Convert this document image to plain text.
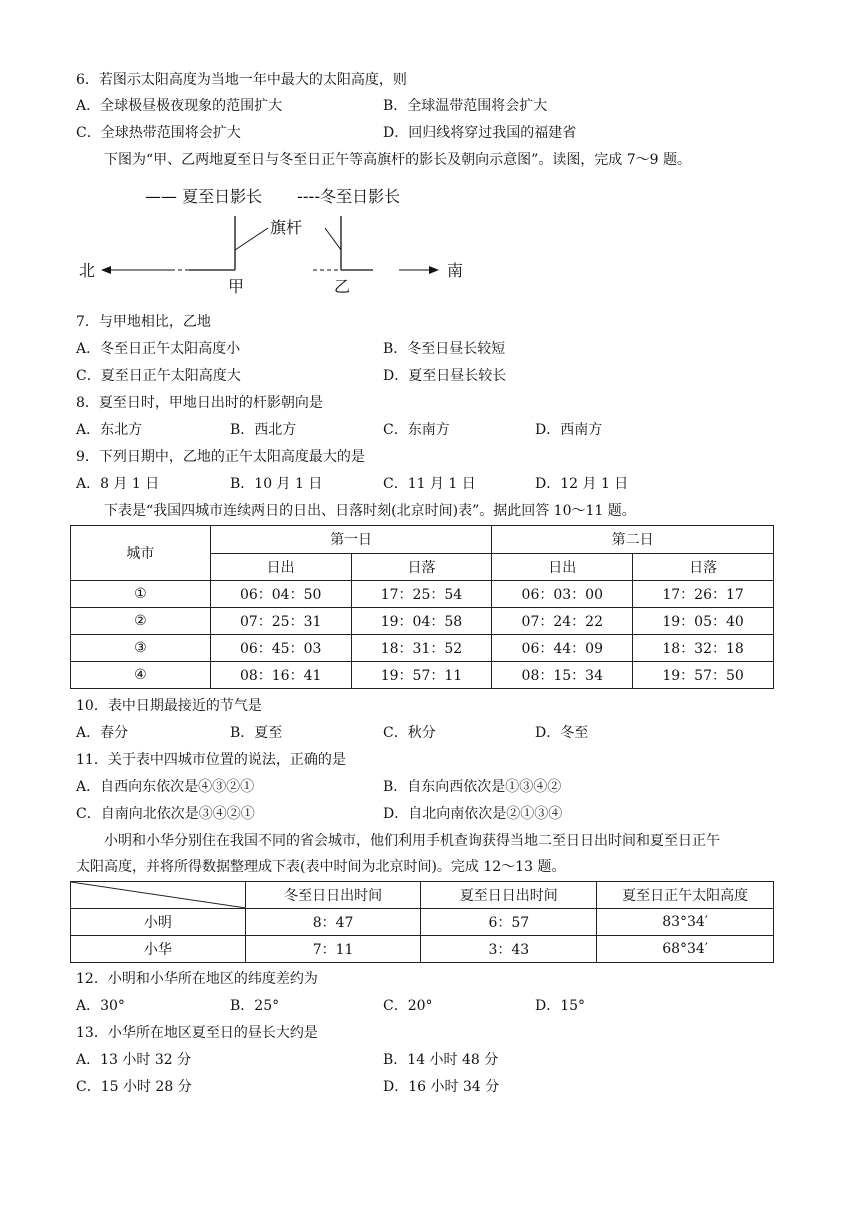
6．若图示太阳高度为当地一年中最大的太阳高度，则
A．全球极昼极夜现象的范围扩大	B．全球温带范围将会扩大
C．全球热带范围将会扩大	D．回归线将穿过我国的福建省
下图为“甲、乙两地夏至日与冬至日正午等高旗杆的影长及朝向示意图”。读图，完成 7～9 题。
—— 夏至日影长 ----冬至日影长
旗杆
北	南
甲	乙
7．与甲地相比，乙地
A．冬至日正午太阳高度小	B．冬至日昼长较短
C．夏至日正午太阳高度大	D．夏至日昼长较长
8．夏至日时，甲地日出时的杆影朝向是
A．东北方	B．西北方	C．东南方	D．西南方
9．下列日期中，乙地的正午太阳高度最大的是
A．8 月 1 日	B．10 月 1 日	C．11 月 1 日	D．12 月 1 日
下表是“我国四城市连续两日的日出、日落时刻(北京时间)表”。据此回答 10～11 题。
城市	第一日		第二日	
	日出	日落	日出	日落
①	06：04：50	17：25：54	06：03：00	17：26：17
②	07：25：31	19：04：58	07：24：22	19：05：40
③	06：45：03	18：31：52	06：44：09	18：32：18
④	08：16：41	19：57：11	08：15：34	19：57：50
10．表中日期最接近的节气是
A．春分	B．夏至	C．秋分	D．冬至
11．关于表中四城市位置的说法，正确的是
A．自西向东依次是④③②①	B．自东向西依次是①③④②
C．自南向北依次是③④②①	D．自北向南依次是②①③④
小明和小华分别住在我国不同的省会城市，他们利用手机查询获得当地二至日日出时间和夏至日正午
太阳高度，并将所得数据整理成下表(表中时间为北京时间)。完成 12～13 题。
	冬至日日出时间	夏至日日出时间	夏至日正午太阳高度
小明	8：47	6：57	83°34′
小华	7：11	3：43	68°34′
12．小明和小华所在地区的纬度差约为
A．30°	B．25°	C．20°	D．15°
13．小华所在地区夏至日的昼长大约是
A．13 小时 32 分	B．14 小时 48 分
C．15 小时 28 分	D．16 小时 34 分
